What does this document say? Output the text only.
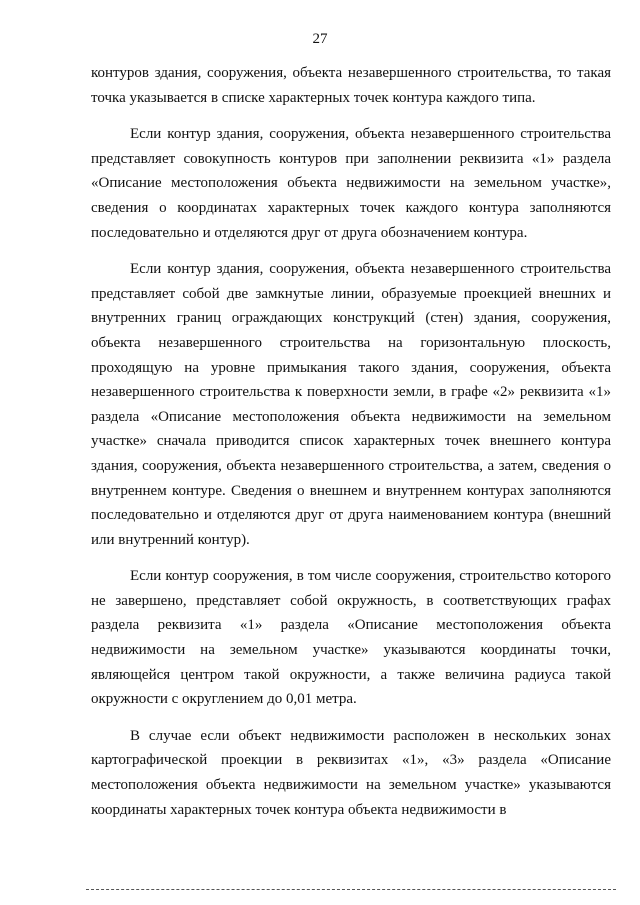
27

контуров здания, сооружения, объекта незавершенного строительства, то такая точка указывается в списке характерных точек контура каждого типа.

Если контур здания, сооружения, объекта незавершенного строительства представляет совокупность контуров при заполнении реквизита «1» раздела «Описание местоположения объекта недвижимости на земельном участке», сведения о координатах характерных точек каждого контура заполняются последовательно и отделяются друг от друга обозначением контура.

Если контур здания, сооружения, объекта незавершенного строительства представляет собой две замкнутые линии, образуемые проекцией внешних и внутренних границ ограждающих конструкций (стен) здания, сооружения, объекта незавершенного строительства на горизонтальную плоскость, проходящую на уровне примыкания такого здания, сооружения, объекта незавершенного строительства к поверхности земли, в графе «2» реквизита «1» раздела «Описание местоположения объекта недвижимости на земельном участке» сначала приводится список характерных точек внешнего контура здания, сооружения, объекта незавершенного строительства, а затем, сведения о внутреннем контуре. Сведения о внешнем и внутреннем контурах заполняются последовательно и отделяются друг от друга наименованием контура (внешний или внутренний контур).

Если контур сооружения, в том числе сооружения, строительство которого не завершено, представляет собой окружность, в соответствующих графах раздела реквизита «1» раздела «Описание местоположения объекта недвижимости на земельном участке» указываются координаты точки, являющейся центром такой окружности, а также величина радиуса такой окружности с округлением до 0,01 метра.

В случае если объект недвижимости расположен в нескольких зонах картографической проекции в реквизитах «1», «3» раздела «Описание местоположения объекта недвижимости на земельном участке» указываются координаты характерных точек контура объекта недвижимости в
